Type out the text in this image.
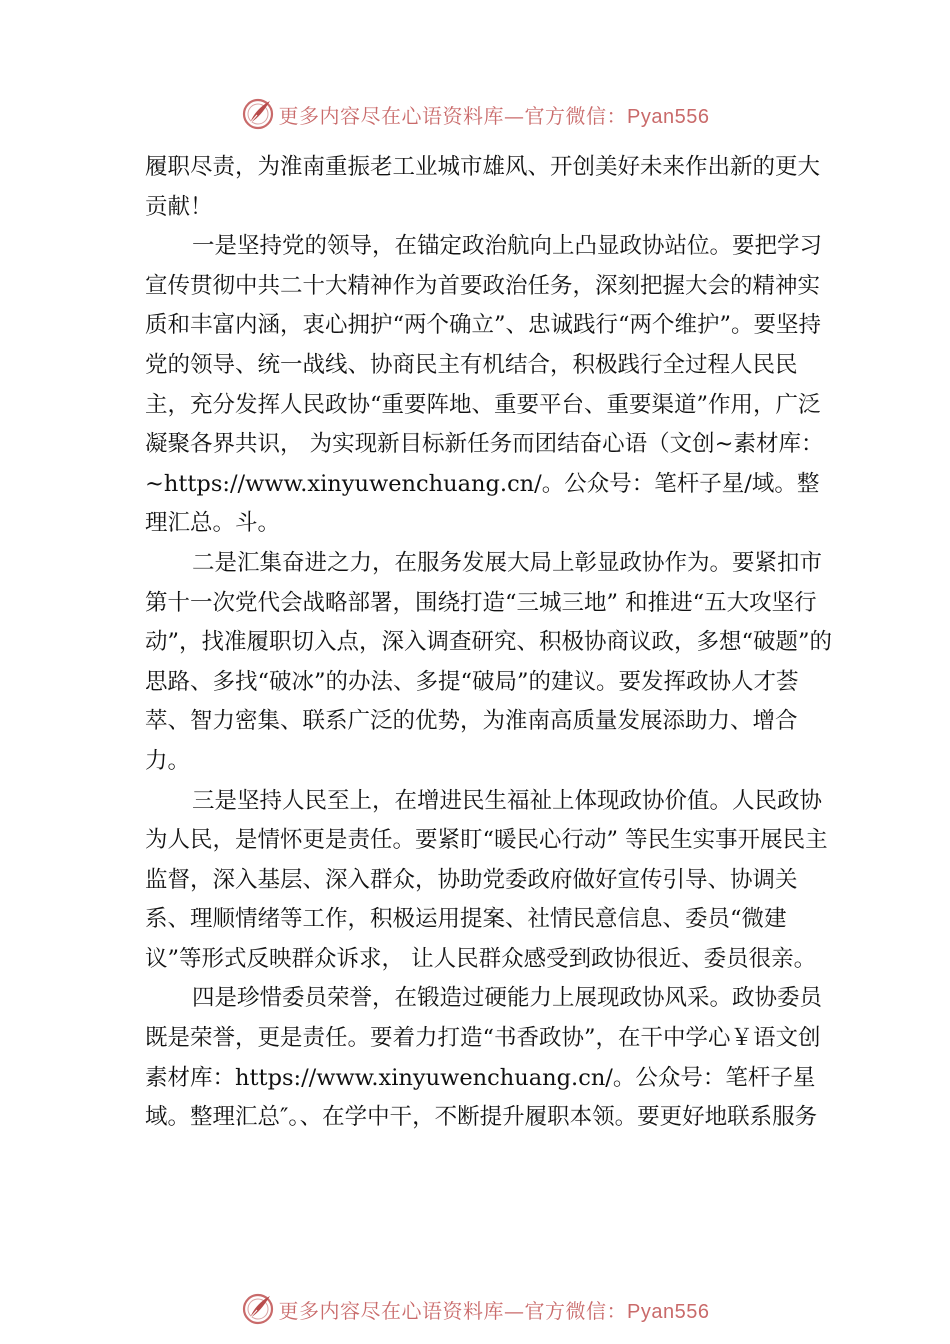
更多内容尽在心语资料库—官方微信：Pyan556

履职尽责，为淮南重振老工业城市雄风、开创美好未来作出新的更大贡献！

一是坚持党的领导，在锚定政治航向上凸显政协站位。要把学习宣传贯彻中共二十大精神作为首要政治任务，深刻把握大会的精神实质和丰富内涵，衷心拥护“两个确立”、忠诚践行“两个维护”。要坚持党的领导、统一战线、协商民主有机结合，积极践行全过程人民民主，充分发挥人民政协“重要阵地、重要平台、重要渠道”作用，广泛凝聚各界共识， 为实现新目标新任务而团结奋心语（文创~素材库：~https://www.xinyuwenchuang.cn/。公众号：笔杆子星/域。整理汇总。斗。

二是汇集奋进之力，在服务发展大局上彰显政协作为。要紧扣市第十一次党代会战略部署，围绕打造“三城三地” 和推进“五大攻坚行动”，找准履职切入点，深入调查研究、积极协商议政，多想“破题”的思路、多找“破冰”的办法、多提“破局”的建议。要发挥政协人才荟萃、智力密集、联系广泛的优势，为淮南高质量发展添助力、增合力。

三是坚持人民至上，在增进民生福祉上体现政协价值。人民政协为人民，是情怀更是责任。要紧盯“暖民心行动” 等民生实事开展民主监督，深入基层、深入群众，协助党委政府做好宣传引导、协调关系、理顺情绪等工作，积极运用提案、社情民意信息、委员“微建议”等形式反映群众诉求， 让人民群众感受到政协很近、委员很亲。

四是珍惜委员荣誉，在锻造过硬能力上展现政协风采。政协委员既是荣誉，更是责任。要着力打造“书香政协”，在干中学心￥语文创素材库：https://www.xinyuwenchuang.cn/。公众号：笔杆子星域。整理汇总″。、在学中干，不断提升履职本领。要更好地联系服务

更多内容尽在心语资料库—官方微信：Pyan556
